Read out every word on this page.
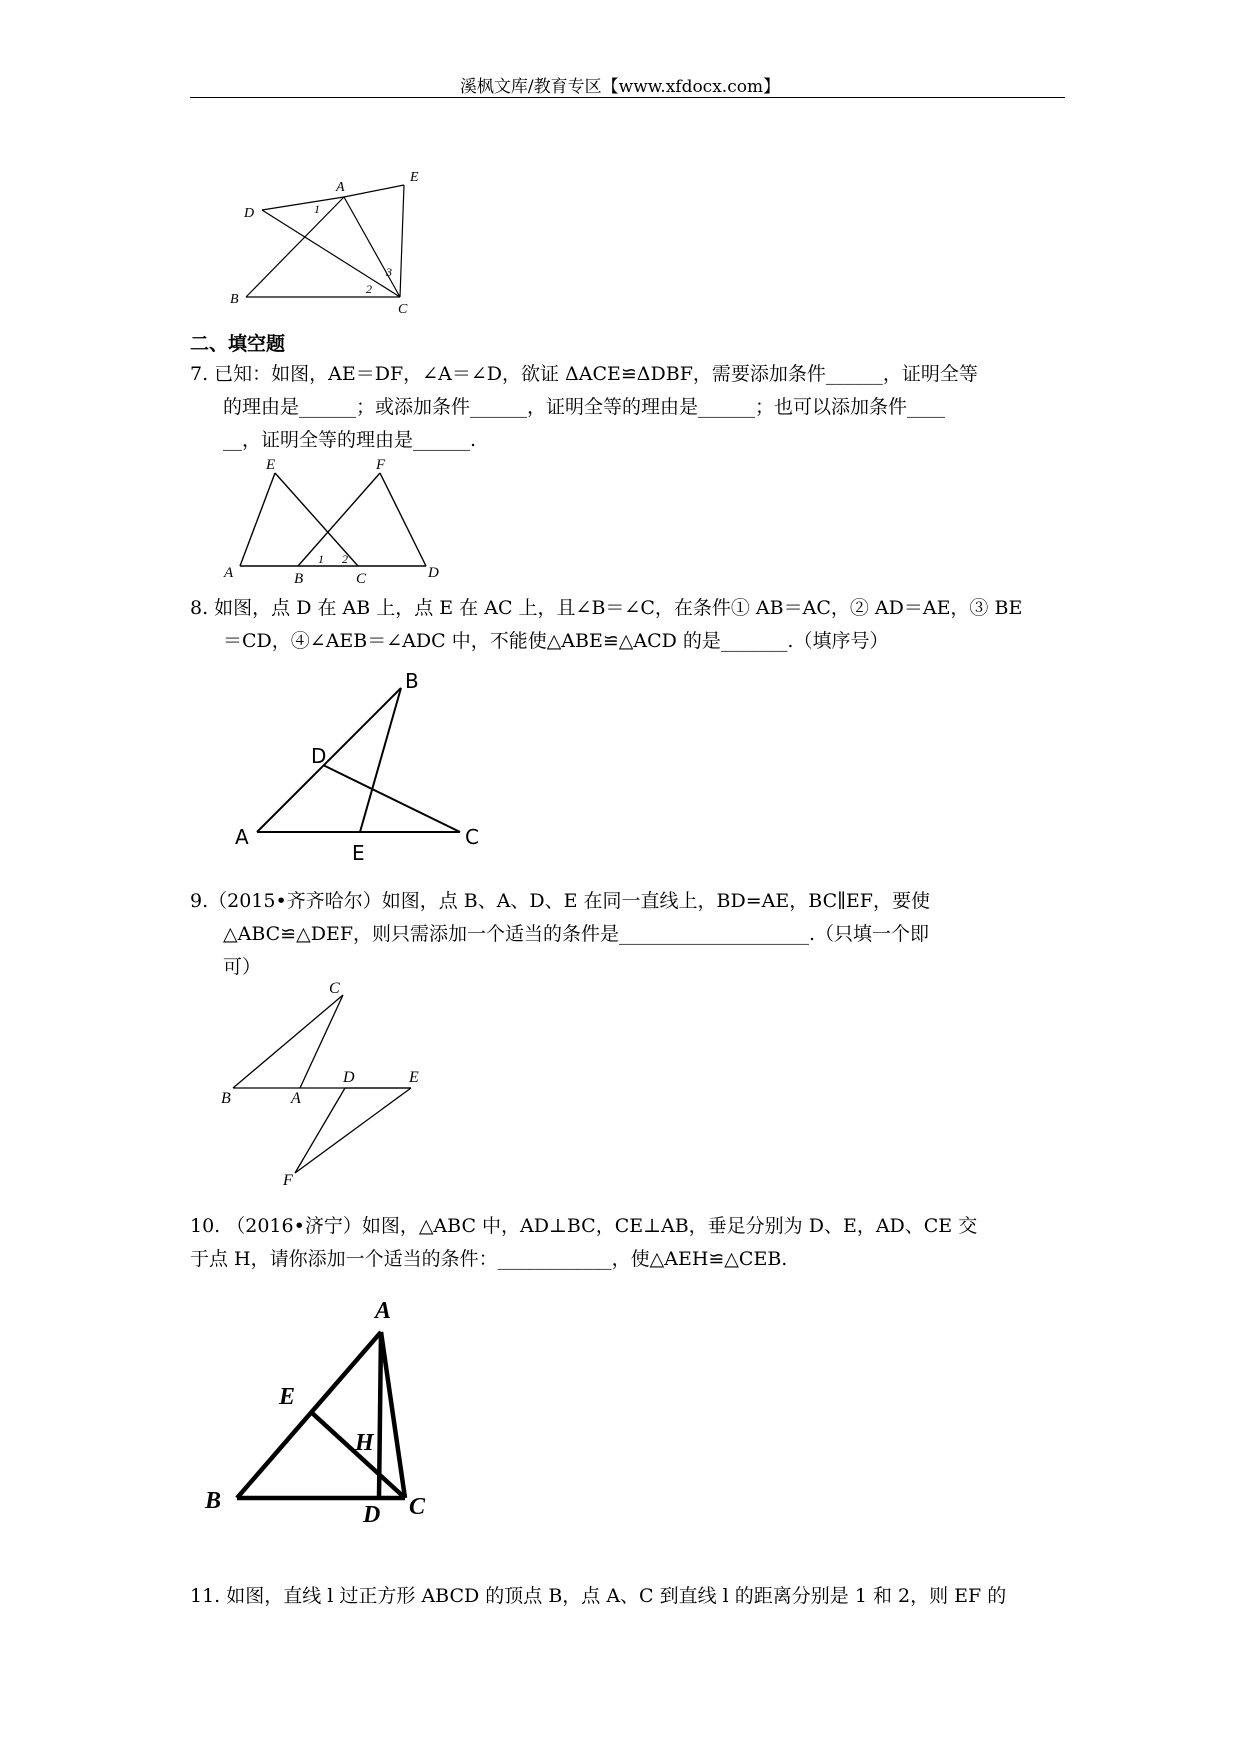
溪枫文库/教育专区【www.xfdocx.com】
A
E
D	1
3
2
B
C
二、填空题
7. 已知：如图，AE＝DF，∠A＝∠D，欲证 ΔACE≌ΔDBF，需要添加条件______，证明全等
的理由是______；或添加条件______，证明全等的理由是______；也可以添加条件____
__，证明全等的理由是______.
E	F
A	B
1 2
C	D
8. 如图，点 D 在 AB 上，点 E 在 AC 上，且∠B＝∠C，在条件① AB＝AC，② AD＝AE，③ BE
＝CD，④∠AEB＝∠ADC 中，不能使△ABE≌△ACD 的是_______.（填序号）
B
D
A
E
C
9.（2015•齐齐哈尔）如图，点 B、A、D、E 在同一直线上，BD=AE，BC∥EF，要使
△ABC≌△DEF，则只需添加一个适当的条件是____________________.（只填一个即
可）
C
D	E
B	A
F
10. （2016•济宁）如图，△ABC 中，AD⊥BC，CE⊥AB，垂足分别为 D、E，AD、CE 交
于点 H，请你添加一个适当的条件：____________，使△AEH≌△CEB.
A
E
H
B
D C
11. 如图，直线 l 过正方形 ABCD 的顶点 B，点 A、C 到直线 l 的距离分别是 1 和 2，则 EF 的
